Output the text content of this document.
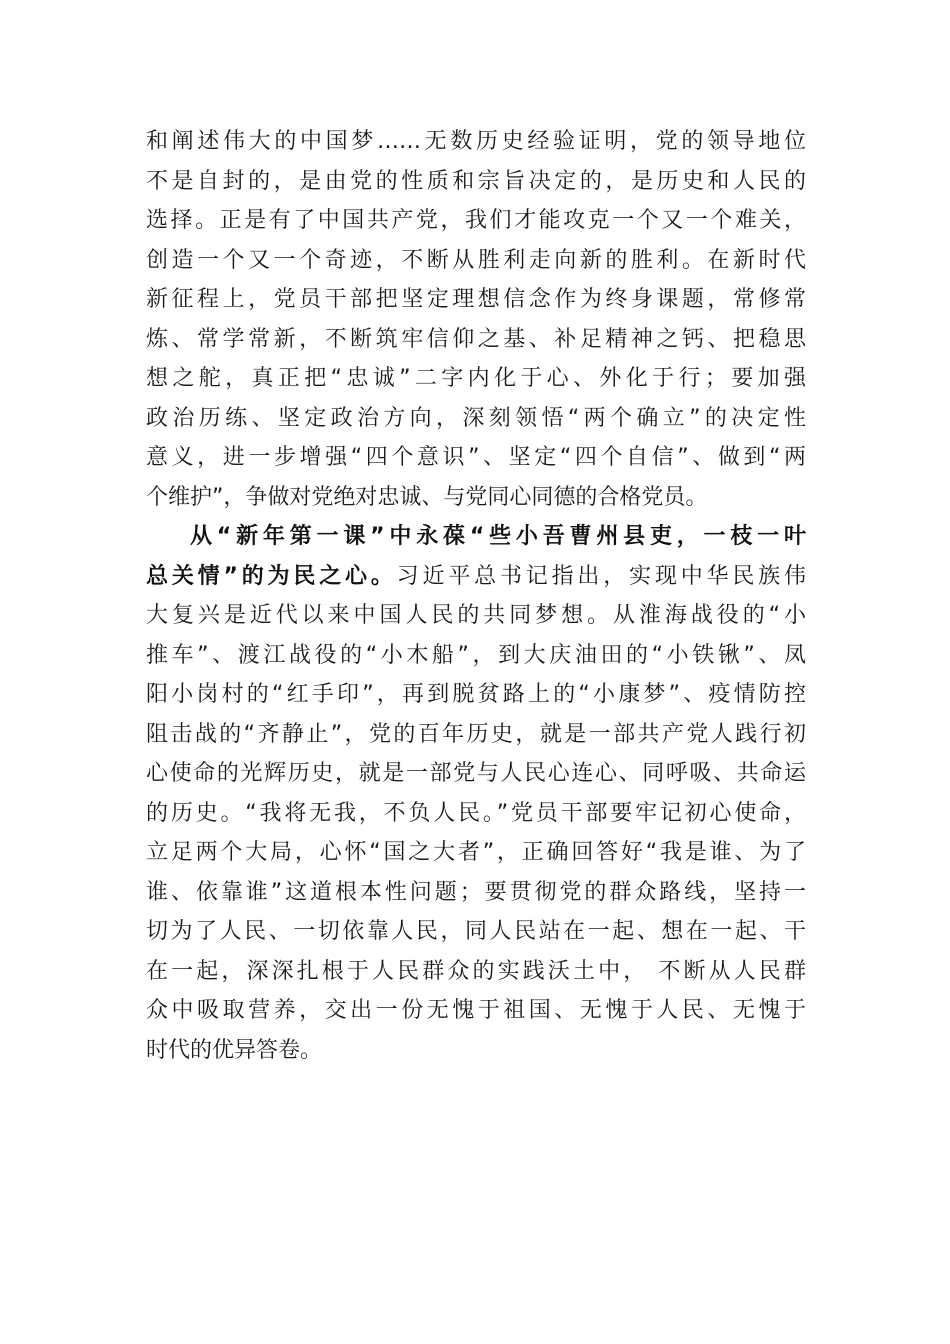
和阐述伟大的中国梦……无数历史经验证明，党的领导地位
不是自封的，是由党的性质和宗旨决定的，是历史和人民的
选择。正是有了中国共产党，我们才能攻克一个又一个难关，
创造一个又一个奇迹，不断从胜利走向新的胜利。在新时代
新征程上，党员干部把坚定理想信念作为终身课题，常修常
炼、常学常新，不断筑牢信仰之基、补足精神之钙、把稳思
想之舵，真正把“忠诚”二字内化于心、外化于行；要加强
政治历练、坚定政治方向，深刻领悟“两个确立”的决定性
意义，进一步增强“四个意识”、坚定“四个自信”、做到“两
个维护”，争做对党绝对忠诚、与党同心同德的合格党员。
从“新年第一课”中永葆“些小吾曹州县吏，一枝一叶
总关情”的为民之心。习近平总书记指出，实现中华民族伟
大复兴是近代以来中国人民的共同梦想。从淮海战役的“小
推车”、渡江战役的“小木船”，到大庆油田的“小铁锹”、凤
阳小岗村的“红手印”，再到脱贫路上的“小康梦”、疫情防控
阻击战的“齐静止”，党的百年历史，就是一部共产党人践行初
心使命的光辉历史，就是一部党与人民心连心、同呼吸、共命运
的历史。“我将无我，不负人民。”党员干部要牢记初心使命，
立足两个大局，心怀“国之大者”，正确回答好“我是谁、为了
谁、依靠谁”这道根本性问题；要贯彻党的群众路线，坚持一
切为了人民、一切依靠人民，同人民站在一起、想在一起、干
在一起，深深扎根于人民群众的实践沃土中， 不断从人民群
众中吸取营养，交出一份无愧于祖国、无愧于人民、无愧于
时代的优异答卷。
